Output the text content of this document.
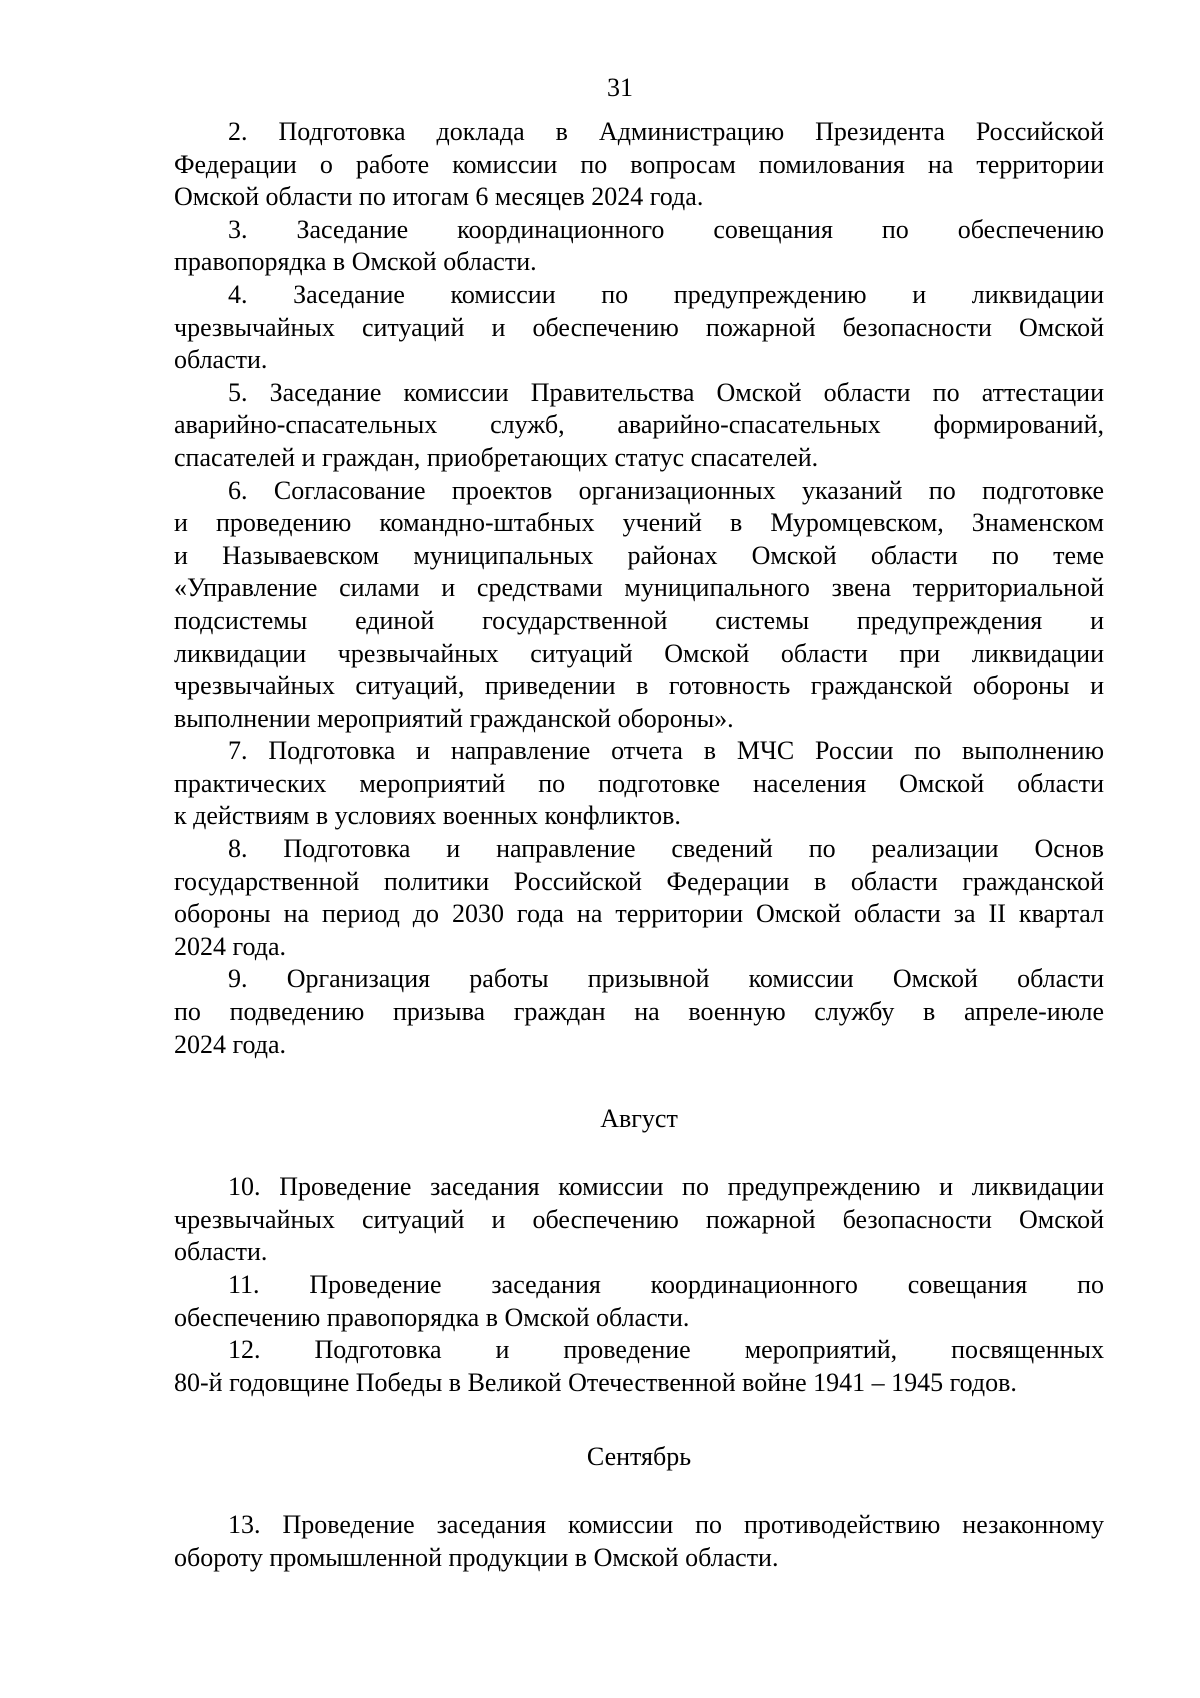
31
2. Подготовка доклада в Администрацию Президента Российской
Федерации о работе комиссии по вопросам помилования на территории
Омской области по итогам 6 месяцев 2024 года.
3. Заседание координационного совещания по обеспечению
правопорядка в Омской области.
4. Заседание комиссии по предупреждению и ликвидации
чрезвычайных ситуаций и обеспечению пожарной безопасности Омской
области.
5. Заседание комиссии Правительства Омской области по аттестации
аварийно-спасательных служб, аварийно-спасательных формирований,
спасателей и граждан, приобретающих статус спасателей.
6. Согласование проектов организационных указаний по подготовке
и проведению командно-штабных учений в Муромцевском, Знаменском
и Называевском муниципальных районах Омской области по теме
«Управление силами и средствами муниципального звена территориальной
подсистемы единой государственной системы предупреждения и
ликвидации чрезвычайных ситуаций Омской области при ликвидации
чрезвычайных ситуаций, приведении в готовность гражданской обороны и
выполнении мероприятий гражданской обороны».
7. Подготовка и направление отчета в МЧС России по выполнению
практических мероприятий по подготовке населения Омской области
к действиям в условиях военных конфликтов.
8. Подготовка и направление сведений по реализации Основ
государственной политики Российской Федерации в области гражданской
обороны на период до 2030 года на территории Омской области за II квартал
2024 года.
9. Организация работы призывной комиссии Омской области
по подведению призыва граждан на военную службу в апреле-июле
2024 года.
Август
10. Проведение заседания комиссии по предупреждению и ликвидации
чрезвычайных ситуаций и обеспечению пожарной безопасности Омской
области.
11. Проведение заседания координационного совещания по
обеспечению правопорядка в Омской области.
12. Подготовка и проведение мероприятий, посвященных
80-й годовщине Победы в Великой Отечественной войне 1941 – 1945 годов.
Сентябрь
13. Проведение заседания комиссии по противодействию незаконному
обороту промышленной продукции в Омской области.
